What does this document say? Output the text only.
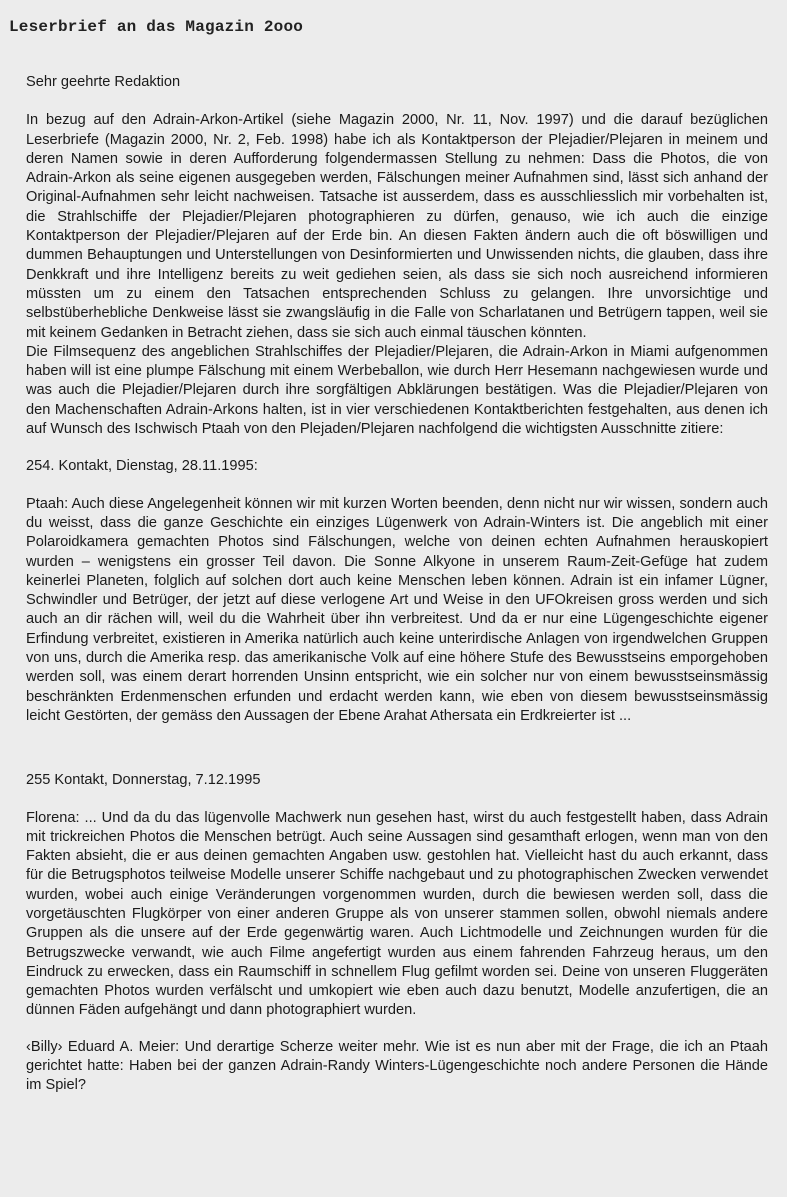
Leserbrief an das Magazin 2ooo

Sehr geehrte Redaktion

In bezug auf den Adrain-Arkon-Artikel (siehe Magazin 2000, Nr. 11, Nov. 1997) und die darauf bezüglichen Leserbriefe (Magazin 2000, Nr. 2, Feb. 1998) habe ich als Kontaktperson der Plejadier/Plejaren in meinem und deren Namen sowie in deren Aufforderung folgendermassen Stellung zu nehmen: Dass die Photos, die von Adrain-Arkon als seine eigenen ausgegeben werden, Fälschungen meiner Aufnahmen sind, lässt sich anhand der Original-Aufnahmen sehr leicht nachweisen. Tatsache ist ausserdem, dass es ausschliesslich mir vorbehalten ist, die Strahlschiffe der Plejadier/Plejaren photographieren zu dürfen, genauso, wie ich auch die einzige Kontaktperson der Plejadier/Plejaren auf der Erde bin. An diesen Fakten ändern auch die oft böswilligen und dummen Behauptungen und Unterstellungen von Desinformierten und Unwissenden nichts, die glauben, dass ihre Denkkraft und ihre Intelligenz bereits zu weit gediehen seien, als dass sie sich noch ausreichend informieren müssten um zu einem den Tatsachen entsprechenden Schluss zu gelangen. Ihre unvorsichtige und selbstüberhebliche Denkweise lässt sie zwangsläufig in die Falle von Scharlatanen und Betrügern tappen, weil sie mit keinem Gedanken in Betracht ziehen, dass sie sich auch einmal täuschen könnten.

Die Filmsequenz des angeblichen Strahlschiffes der Plejadier/Plejaren, die Adrain-Arkon in Miami aufgenommen haben will ist eine plumpe Fälschung mit einem Werbeballon, wie durch Herr Hesemann nachgewiesen wurde und was auch die Plejadier/Plejaren durch ihre sorgfältigen Abklärungen bestätigen. Was die Plejadier/Plejaren von den Machenschaften Adrain-Arkons halten, ist in vier verschiedenen Kontaktberichten festgehalten, aus denen ich auf Wunsch des Ischwisch Ptaah von den Plejaden/Plejaren nachfolgend die wichtigsten Ausschnitte zitiere:

254. Kontakt, Dienstag, 28.11.1995:

Ptaah: Auch diese Angelegenheit können wir mit kurzen Worten beenden, denn nicht nur wir wissen, sondern auch du weisst, dass die ganze Geschichte ein einziges Lügenwerk von Adrain-Winters ist. Die angeblich mit einer Polaroidkamera gemachten Photos sind Fälschungen, welche von deinen echten Aufnahmen herauskopiert wurden – wenigstens ein grosser Teil davon. Die Sonne Alkyone in unserem Raum-Zeit-Gefüge hat zudem keinerlei Planeten, folglich auf solchen dort auch keine Menschen leben können. Adrain ist ein infamer Lügner, Schwindler und Betrüger, der jetzt auf diese verlogene Art und Weise in den UFOkreisen gross werden und sich auch an dir rächen will, weil du die Wahrheit über ihn verbreitest. Und da er nur eine Lügengeschichte eigener Erfindung verbreitet, existieren in Amerika natürlich auch keine unterirdische Anlagen von irgendwelchen Gruppen von uns, durch die Amerika resp. das amerikanische Volk auf eine höhere Stufe des Bewusstseins emporgehoben werden soll, was einem derart horrenden Unsinn entspricht, wie ein solcher nur von einem bewusstseinsmässig beschränkten Erdenmenschen erfunden und erdacht werden kann, wie eben von diesem bewusstseinsmässig leicht Gestörten, der gemäss den Aussagen der Ebene Arahat Athersata ein Erdkreierter ist ...

255 Kontakt, Donnerstag, 7.12.1995

Florena: ... Und da du das lügenvolle Machwerk nun gesehen hast, wirst du auch festgestellt haben, dass Adrain mit trickreichen Photos die Menschen betrügt. Auch seine Aussagen sind gesamthaft erlogen, wenn man von den Fakten absieht, die er aus deinen gemachten Angaben usw. gestohlen hat. Vielleicht hast du auch erkannt, dass für die Betrugsphotos teilweise Modelle unserer Schiffe nachgebaut und zu photographischen Zwecken verwendet wurden, wobei auch einige Veränderungen vorgenommen wurden, durch die bewiesen werden soll, dass die vorgetäuschten Flugkörper von einer anderen Gruppe als von unserer stammen sollen, obwohl niemals andere Gruppen als die unsere auf der Erde gegenwärtig waren. Auch Lichtmodelle und Zeichnungen wurden für die Betrugszwecke verwandt, wie auch Filme angefertigt wurden aus einem fahrenden Fahrzeug heraus, um den Eindruck zu erwecken, dass ein Raumschiff in schnellem Flug gefilmt worden sei. Deine von unseren Fluggeräten gemachten Photos wurden verfälscht und umkopiert wie eben auch dazu benutzt, Modelle anzufertigen, die an dünnen Fäden aufgehängt und dann photographiert wurden.

‹Billy› Eduard A. Meier: Und derartige Scherze weiter mehr. Wie ist es nun aber mit der Frage, die ich an Ptaah gerichtet hatte: Haben bei der ganzen Adrain-Randy Winters-Lügengeschichte noch andere Personen die Hände im Spiel?
